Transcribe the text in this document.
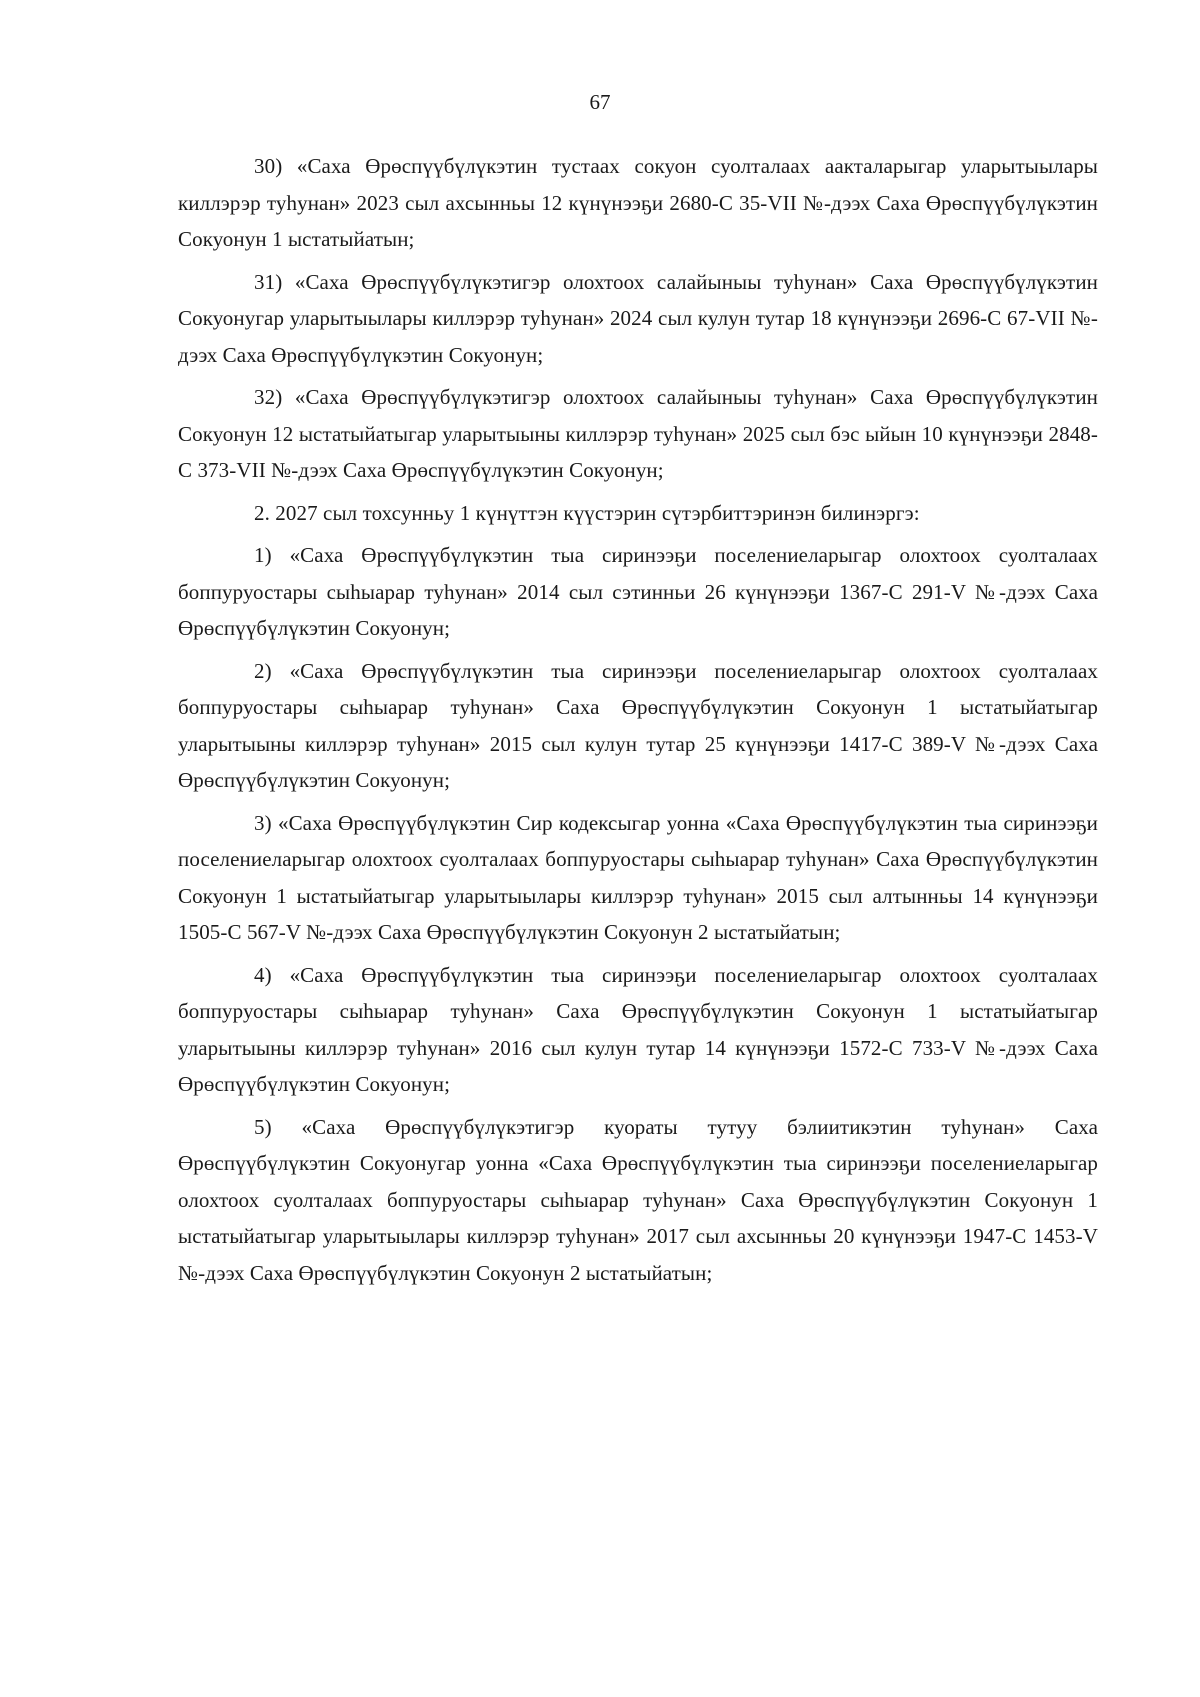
67

30) «Саха Өрөспүүбүлүкэтин тустаах сокуон суолталаах аакталарыгар уларытыылары киллэрэр туһунан» 2023 сыл ахсынньы 12 күнүнээҕи 2680-С 35-VII №-дээх Саха Өрөспүүбүлүкэтин Сокуонун 1 ыстатыйатын;

31) «Саха Өрөспүүбүлүкэтигэр олохтоох салайыныы туһунан» Саха Өрөспүүбүлүкэтин Сокуонугар уларытыылары киллэрэр туһунан» 2024 сыл кулун тутар 18 күнүнээҕи 2696-С 67-VII №-дээх Саха Өрөспүүбүлүкэтин Сокуонун;

32) «Саха Өрөспүүбүлүкэтигэр олохтоох салайыныы туһунан» Саха Өрөспүүбүлүкэтин Сокуонун 12 ыстатыйатыгар уларытыыны киллэрэр туһунан» 2025 сыл бэс ыйын 10 күнүнээҕи 2848-С 373-VII №-дээх Саха Өрөспүүбүлүкэтин Сокуонун;

2. 2027 сыл тохсунньу 1 күнүттэн күүстэрин сүтэрбиттэринэн билинэргэ:

1) «Саха Өрөспүүбүлүкэтин тыа сиринээҕи поселениеларыгар олохтоох суолталаах боппуруостары сыһыарар туһунан» 2014 сыл сэтинньи 26 күнүнээҕи 1367-С 291-V №-дээх Саха Өрөспүүбүлүкэтин Сокуонун;

2) «Саха Өрөспүүбүлүкэтин тыа сиринээҕи поселениеларыгар олохтоох суолталаах боппуруостары сыһыарар туһунан» Саха Өрөспүүбүлүкэтин Сокуонун 1 ыстатыйатыгар уларытыыны киллэрэр туһунан» 2015 сыл кулун тутар 25 күнүнээҕи 1417-С 389-V №-дээх Саха Өрөспүүбүлүкэтин Сокуонун;

3) «Саха Өрөспүүбүлүкэтин Сир кодексыгар уонна «Саха Өрөспүүбүлүкэтин тыа сиринээҕи поселениеларыгар олохтоох суолталаах боппуруостары сыһыарар туһунан» Саха Өрөспүүбүлүкэтин Сокуонун 1 ыстатыйатыгар уларытыылары киллэрэр туһунан» 2015 сыл алтынньы 14 күнүнээҕи 1505-С 567-V №-дээх Саха Өрөспүүбүлүкэтин Сокуонун 2 ыстатыйатын;

4) «Саха Өрөспүүбүлүкэтин тыа сиринээҕи поселениеларыгар олохтоох суолталаах боппуруостары сыһыарар туһунан» Саха Өрөспүүбүлүкэтин Сокуонун 1 ыстатыйатыгар уларытыыны киллэрэр туһунан» 2016 сыл кулун тутар 14 күнүнээҕи 1572-С 733-V №-дээх Саха Өрөспүүбүлүкэтин Сокуонун;

5) «Саха Өрөспүүбүлүкэтигэр куораты тутуу бэлиитикэтин туһунан» Саха Өрөспүүбүлүкэтин Сокуонугар уонна «Саха Өрөспүүбүлүкэтин тыа сиринээҕи поселениеларыгар олохтоох суолталаах боппуруостары сыһыарар туһунан» Саха Өрөспүүбүлүкэтин Сокуонун 1 ыстатыйатыгар уларытыылары киллэрэр туһунан» 2017 сыл ахсынньы 20 күнүнээҕи 1947-С 1453-V №-дээх Саха Өрөспүүбүлүкэтин Сокуонун 2 ыстатыйатын;
